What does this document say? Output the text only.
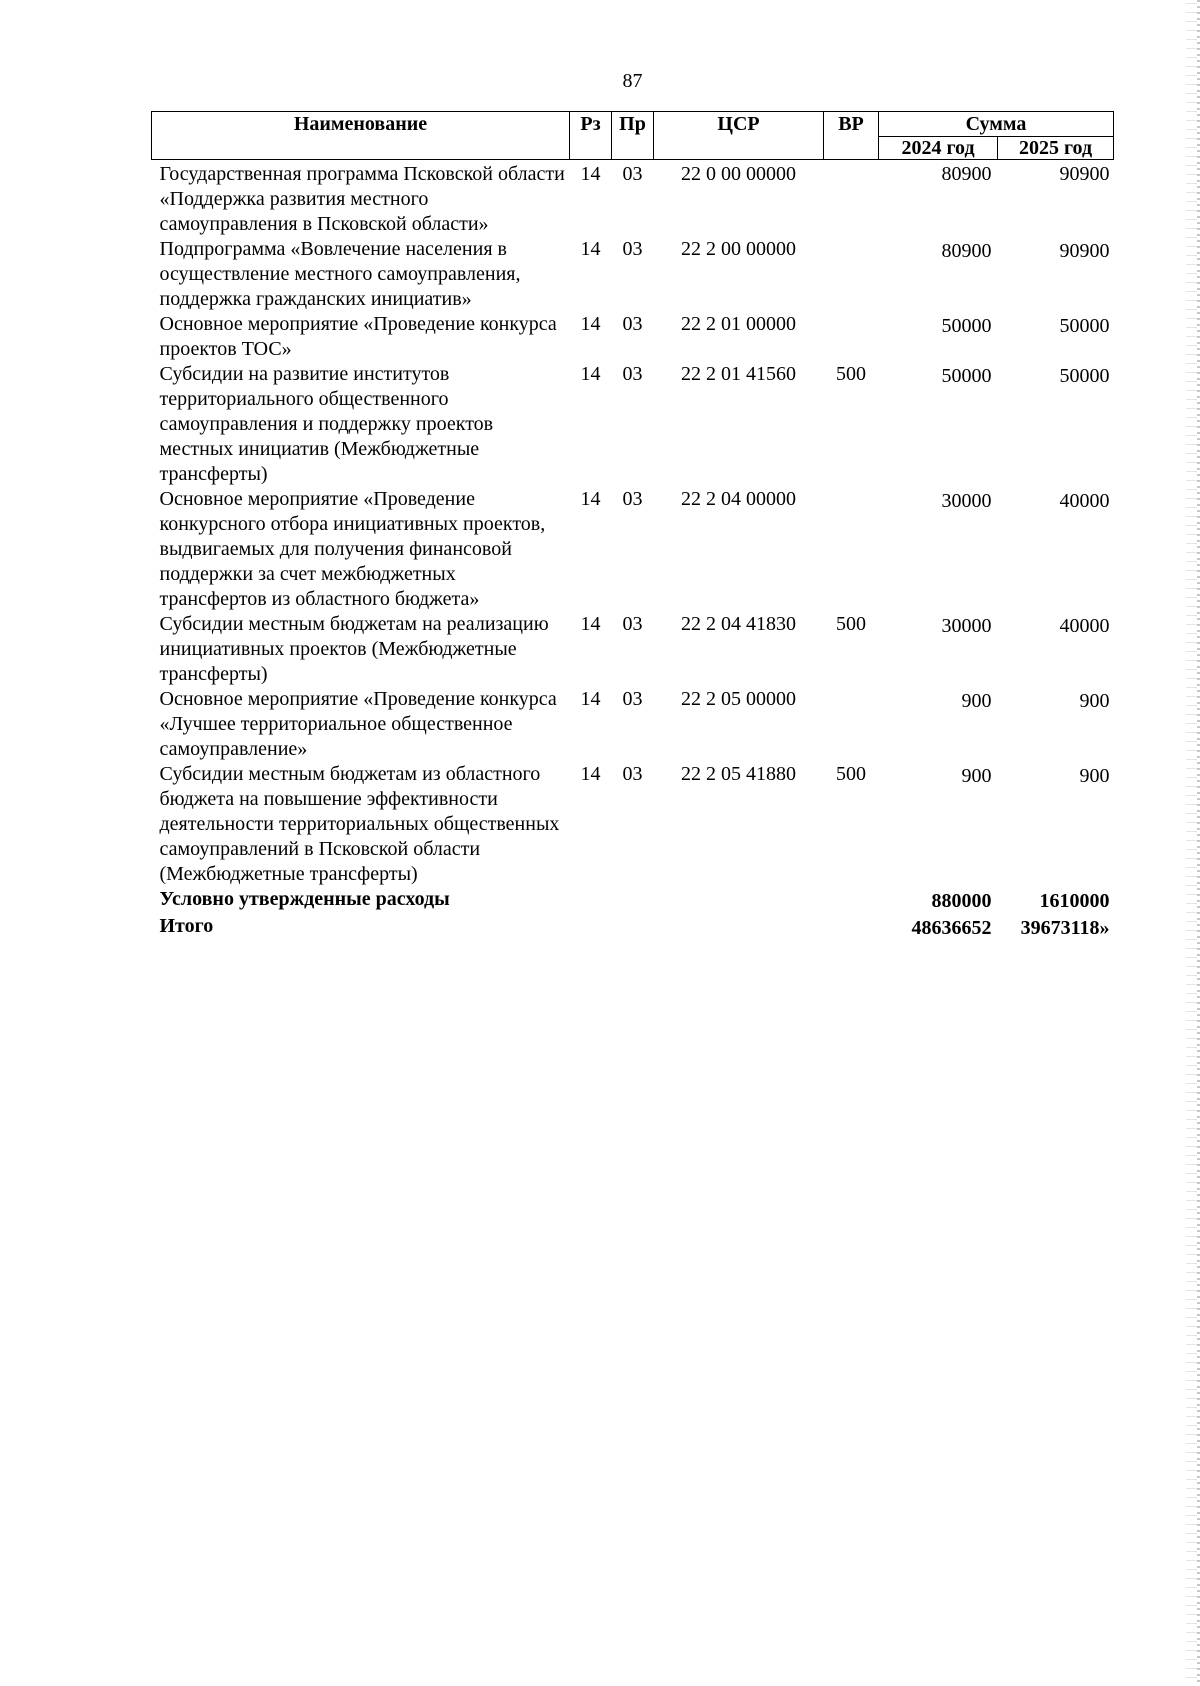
87
Наименование	Рз	Пр	ЦСР	ВР	Сумма	
					2024 год	2025 год
Государственная программа Псковской области «Поддержка развития местного самоуправления в Псковской области»	14	03	22 0 00 00000		80900	90900
Подпрограмма «Вовлечение населения в осуществление местного самоуправления, поддержка гражданских инициатив»	14	03	22 2 00 00000		80900	90900
Основное мероприятие «Проведение конкурса проектов ТОС»	14	03	22 2 01 00000		50000	50000
Субсидии на развитие институтов территориального общественного самоуправления и поддержку проектов местных инициатив (Межбюджетные трансферты)	14	03	22 2 01 41560	500	50000	50000
Основное мероприятие «Проведение конкурсного отбора инициативных проектов, выдвигаемых для получения финансовой поддержки за счет межбюджетных трансфертов из областного бюджета»	14	03	22 2 04 00000		30000	40000
Субсидии местным бюджетам на реализацию инициативных проектов (Межбюджетные трансферты)	14	03	22 2 04 41830	500	30000	40000
Основное мероприятие «Проведение конкурса «Лучшее территориальное общественное самоуправление»	14	03	22 2 05 00000		900	900
Субсидии местным бюджетам из областного бюджета на повышение эффективности деятельности территориальных общественных самоуправлений в Псковской области (Межбюджетные трансферты)	14	03	22 2 05 41880	500	900	900
Условно утвержденные расходы					880000	1610000
Итого					48636652	39673118»
